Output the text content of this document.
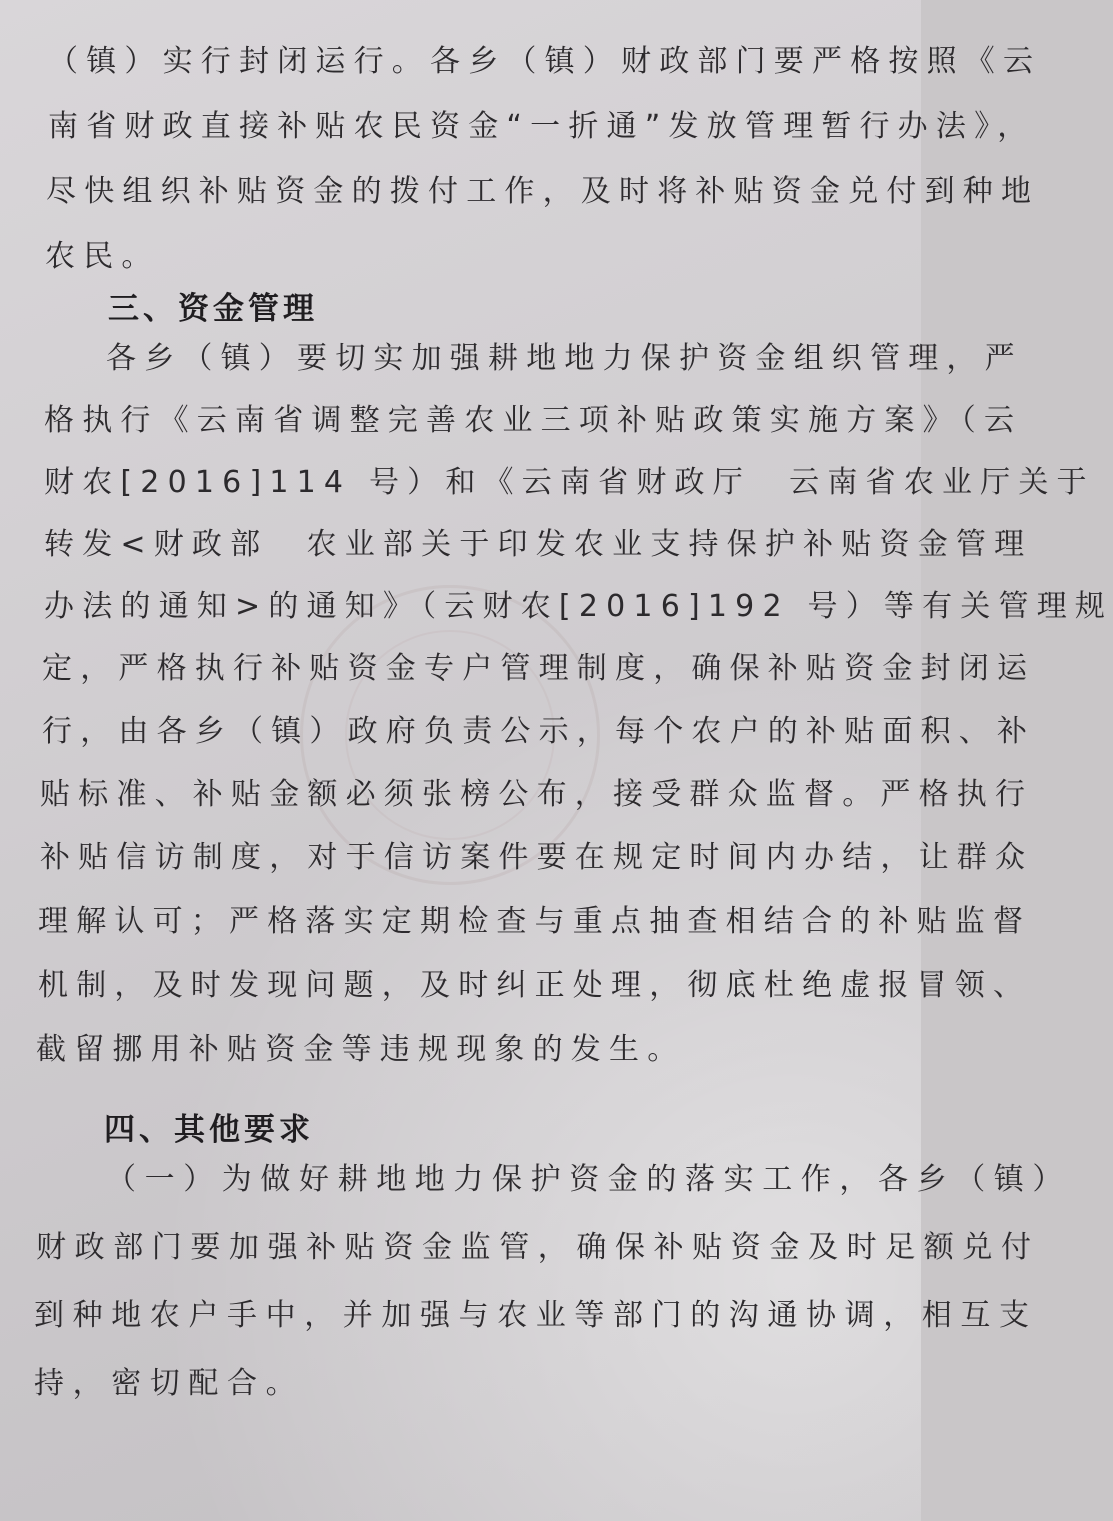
（镇）实行封闭运行。各乡（镇）财政部门要严格按照《云
南省财政直接补贴农民资金“一折通”发放管理暂行办法》，
尽快组织补贴资金的拨付工作，及时将补贴资金兑付到种地
农民。
三、资金管理
各乡（镇）要切实加强耕地地力保护资金组织管理，严
格执行《云南省调整完善农业三项补贴政策实施方案》（云
财农[2016]114 号）和《云南省财政厅　云南省农业厅关于
转发<财政部　农业部关于印发农业支持保护补贴资金管理
办法的通知>的通知》（云财农[2016]192 号）等有关管理规
定，严格执行补贴资金专户管理制度，确保补贴资金封闭运
行，由各乡（镇）政府负责公示，每个农户的补贴面积、补
贴标准、补贴金额必须张榜公布，接受群众监督。严格执行
补贴信访制度，对于信访案件要在规定时间内办结，让群众
理解认可；严格落实定期检查与重点抽查相结合的补贴监督
机制，及时发现问题，及时纠正处理，彻底杜绝虚报冒领、
截留挪用补贴资金等违规现象的发生。
四、其他要求
（一）为做好耕地地力保护资金的落实工作，各乡（镇）
财政部门要加强补贴资金监管，确保补贴资金及时足额兑付
到种地农户手中，并加强与农业等部门的沟通协调，相互支
持，密切配合。
